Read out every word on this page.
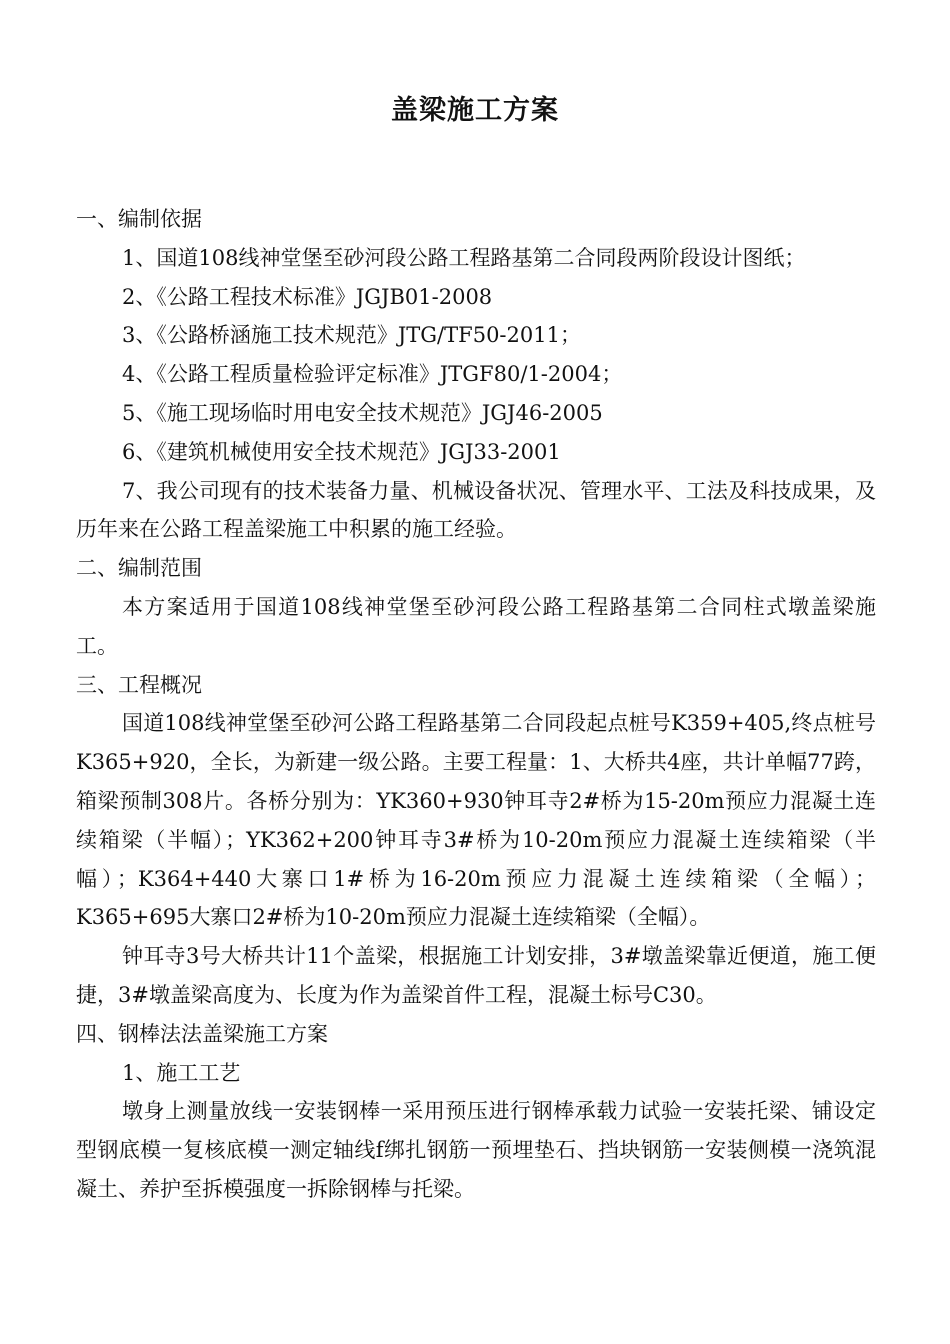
盖梁施工方案

一、编制依据

1、国道108线神堂堡至砂河段公路工程路基第二合同段两阶段设计图纸；

2、《公路工程技术标准》JGJB01-2008

3、《公路桥涵施工技术规范》JTG/TF50-2011；

4、《公路工程质量检验评定标准》JTGF80/1-2004；

5、《施工现场临时用电安全技术规范》JGJ46-2005

6、《建筑机械使用安全技术规范》JGJ33-2001

7、我公司现有的技术装备力量、机械设备状况、管理水平、工法及科技成果，及历年来在公路工程盖梁施工中积累的施工经验。

二、编制范围

本方案适用于国道108线神堂堡至砂河段公路工程路基第二合同柱式墩盖梁施工。

三、工程概况

国道108线神堂堡至砂河公路工程路基第二合同段起点桩号K359+405,终点桩号K365+920，全长，为新建一级公路。主要工程量：1、大桥共4座，共计单幅77跨，箱梁预制308片。各桥分别为：YK360+930钟耳寺2#桥为15-20m预应力混凝土连续箱梁（半幅）；YK362+200钟耳寺3#桥为10-20m预应力混凝土连续箱梁（半幅）；K364+440大寨口1#桥为16-20m预应力混凝土连续箱梁（全幅）；K365+695大寨口2#桥为10-20m预应力混凝土连续箱梁（全幅）。

钟耳寺3号大桥共计11个盖梁，根据施工计划安排，3#墩盖梁靠近便道，施工便捷，3#墩盖梁高度为、长度为作为盖梁首件工程，混凝土标号C30。

四、钢棒法法盖梁施工方案

1、施工工艺

墩身上测量放线一安装钢棒一采用预压进行钢棒承载力试验一安装托梁、铺设定型钢底模一复核底模一测定轴线f绑扎钢筋一预埋垫石、挡块钢筋一安装侧模一浇筑混凝土、养护至拆模强度一拆除钢棒与托梁。
